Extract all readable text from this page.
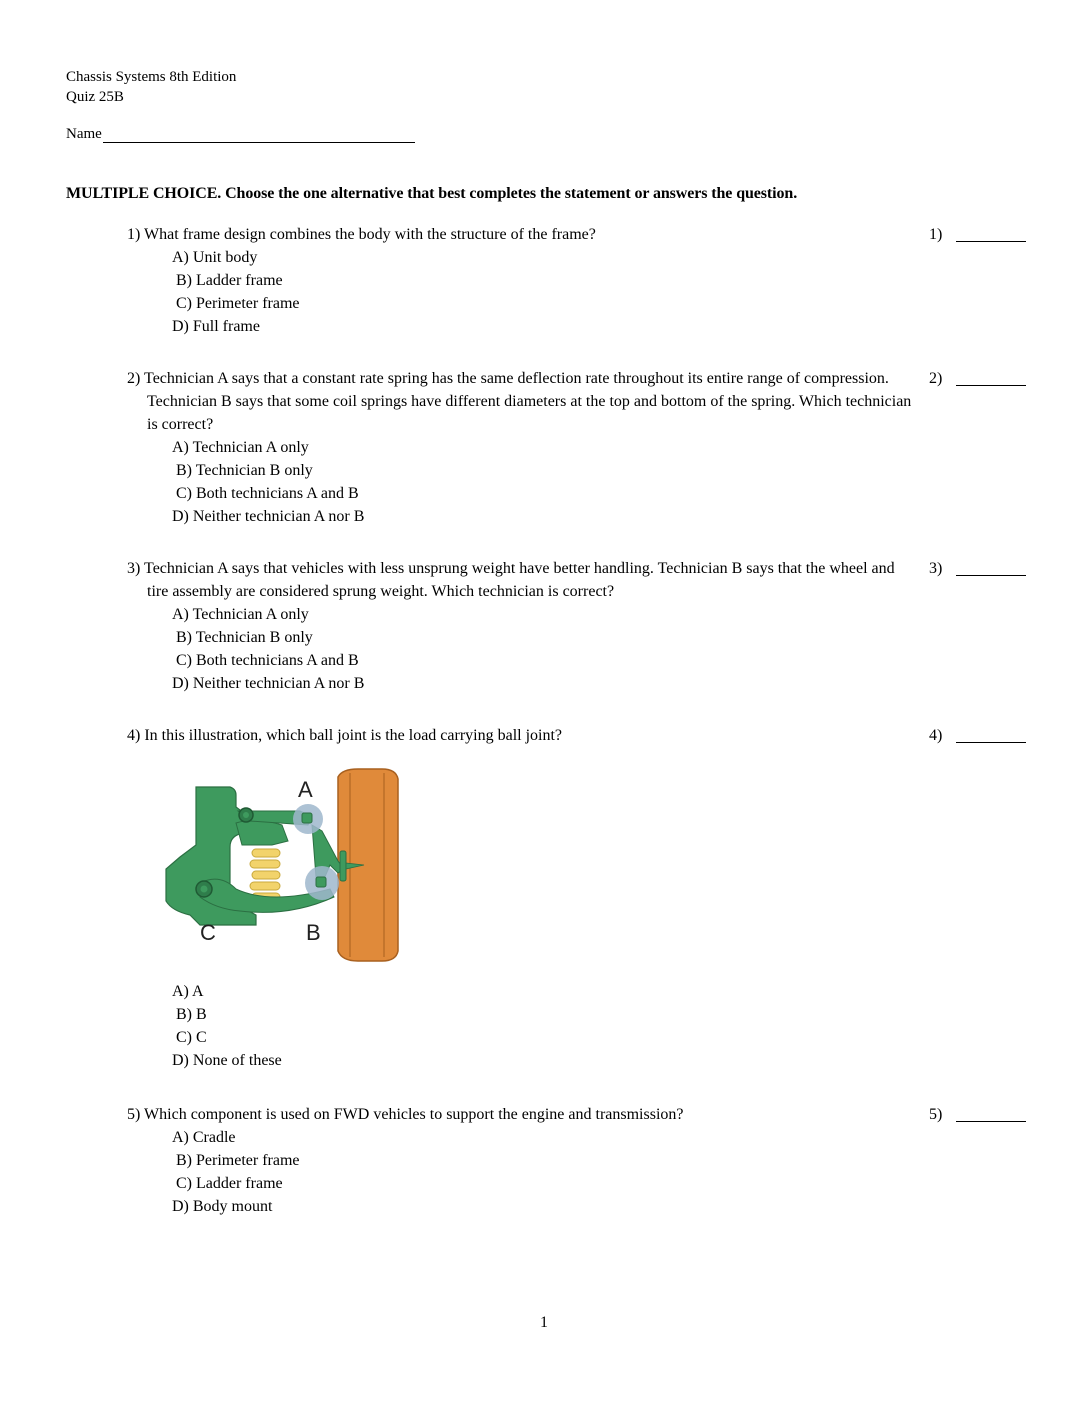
Chassis Systems 8th Edition
Quiz 25B
Name
MULTIPLE CHOICE. Choose the one alternative that best completes the statement or answers the question.
1) What frame design combines the body with the structure of the frame?	1)
A) Unit body
B) Ladder frame
C) Perimeter frame
D) Full frame
2) Technician A says that a constant rate spring has the same deflection rate throughout its entire range of compression. Technician B says that some coil springs have different diameters at the top and bottom of the spring. Which technician is correct?
2)
A) Technician A only
B) Technician B only
C) Both technicians A and B
D) Neither technician A nor B
3) Technician A says that vehicles with less unsprung weight have better handling. Technician B says that the wheel and tire assembly are considered sprung weight. Which technician is correct?
3)
A) Technician A only
B) Technician B only
C) Both technicians A and B
D) Neither technician A nor B
4) In this illustration, which ball joint is the load carrying ball joint?	4)
A
B
C
A) A
B) B
C) C
D) None of these
5) Which component is used on FWD vehicles to support the engine and transmission?	5)
A) Cradle
B) Perimeter frame
C) Ladder frame
D) Body mount
1
